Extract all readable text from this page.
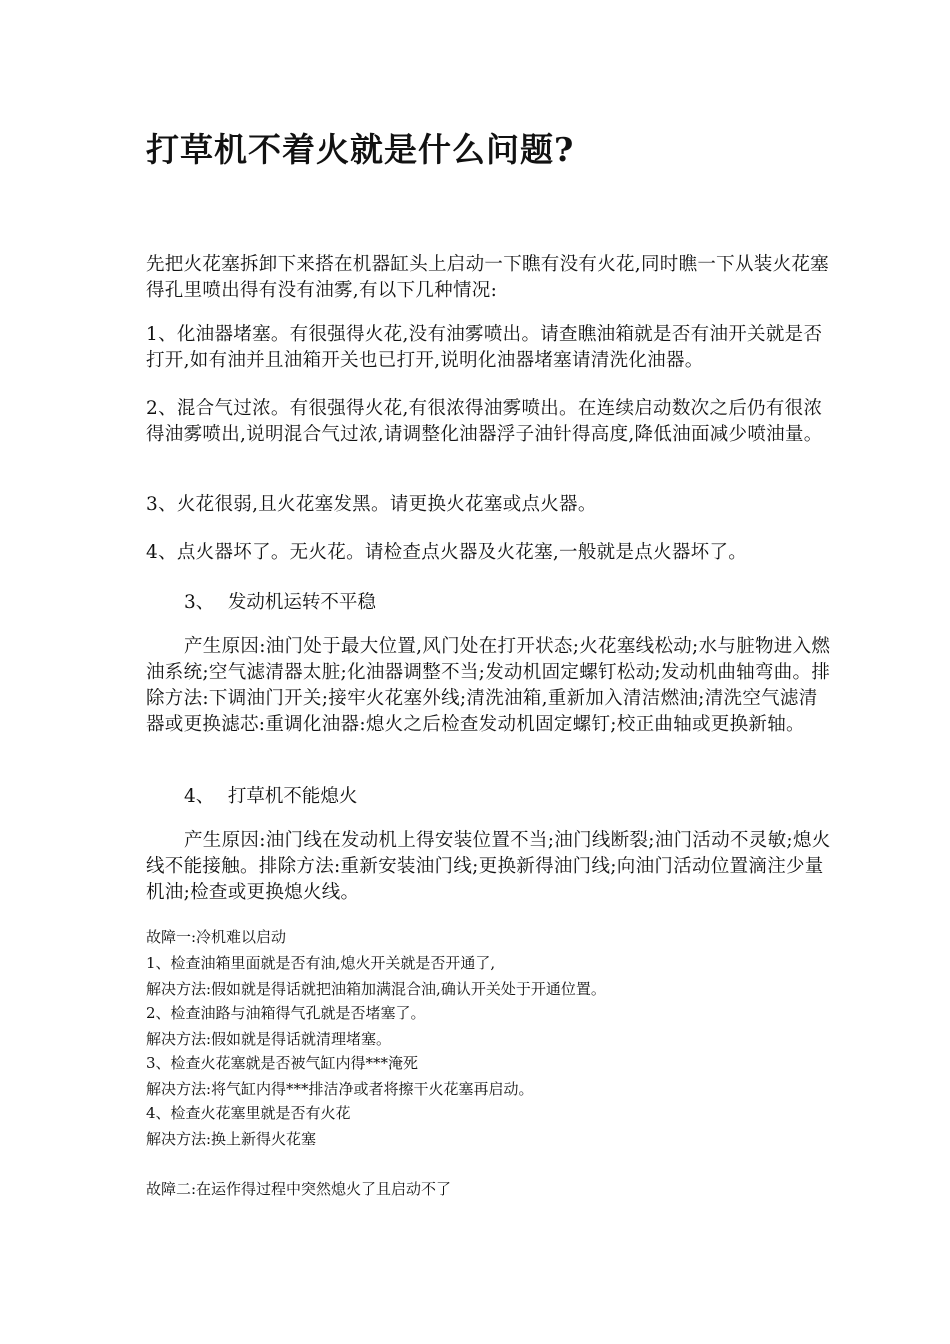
打草机不着火就是什么问题?

先把火花塞拆卸下来搭在机器缸头上启动一下瞧有没有火花,同时瞧一下从装火花塞得孔里喷出得有没有油雾,有以下几种情况:

1、化油器堵塞。有很强得火花,没有油雾喷出。请查瞧油箱就是否有油开关就是否打开,如有油并且油箱开关也已打开,说明化油器堵塞请清洗化油器。

2、混合气过浓。有很强得火花,有很浓得油雾喷出。在连续启动数次之后仍有很浓得油雾喷出,说明混合气过浓,请调整化油器浮子油针得高度,降低油面减少喷油量。

3、火花很弱,且火花塞发黑。请更换火花塞或点火器。

4、点火器坏了。无火花。请检查点火器及火花塞,一般就是点火器坏了。

3、 发动机运转不平稳

产生原因:油门处于最大位置,风门处在打开状态;火花塞线松动;水与脏物进入燃油系统;空气滤清器太脏;化油器调整不当;发动机固定螺钉松动;发动机曲轴弯曲。排除方法:下调油门开关;接牢火花塞外线;清洗油箱,重新加入清洁燃油;清洗空气滤清器或更换滤芯:重调化油器:熄火之后检查发动机固定螺钉;校正曲轴或更换新轴。

4、 打草机不能熄火

产生原因:油门线在发动机上得安装位置不当;油门线断裂;油门活动不灵敏;熄火线不能接触。排除方法:重新安装油门线;更换新得油门线;向油门活动位置滴注少量机油;检查或更换熄火线。

故障一:冷机难以启动

1、检查油箱里面就是否有油,熄火开关就是否开通了,

解决方法:假如就是得话就把油箱加满混合油,确认开关处于开通位置。

2、检查油路与油箱得气孔就是否堵塞了。

解决方法:假如就是得话就清理堵塞。

3、检查火花塞就是否被气缸内得***淹死

解决方法:将气缸内得***排洁净或者将擦干火花塞再启动。

4、检查火花塞里就是否有火花

解决方法:换上新得火花塞

故障二:在运作得过程中突然熄火了且启动不了
